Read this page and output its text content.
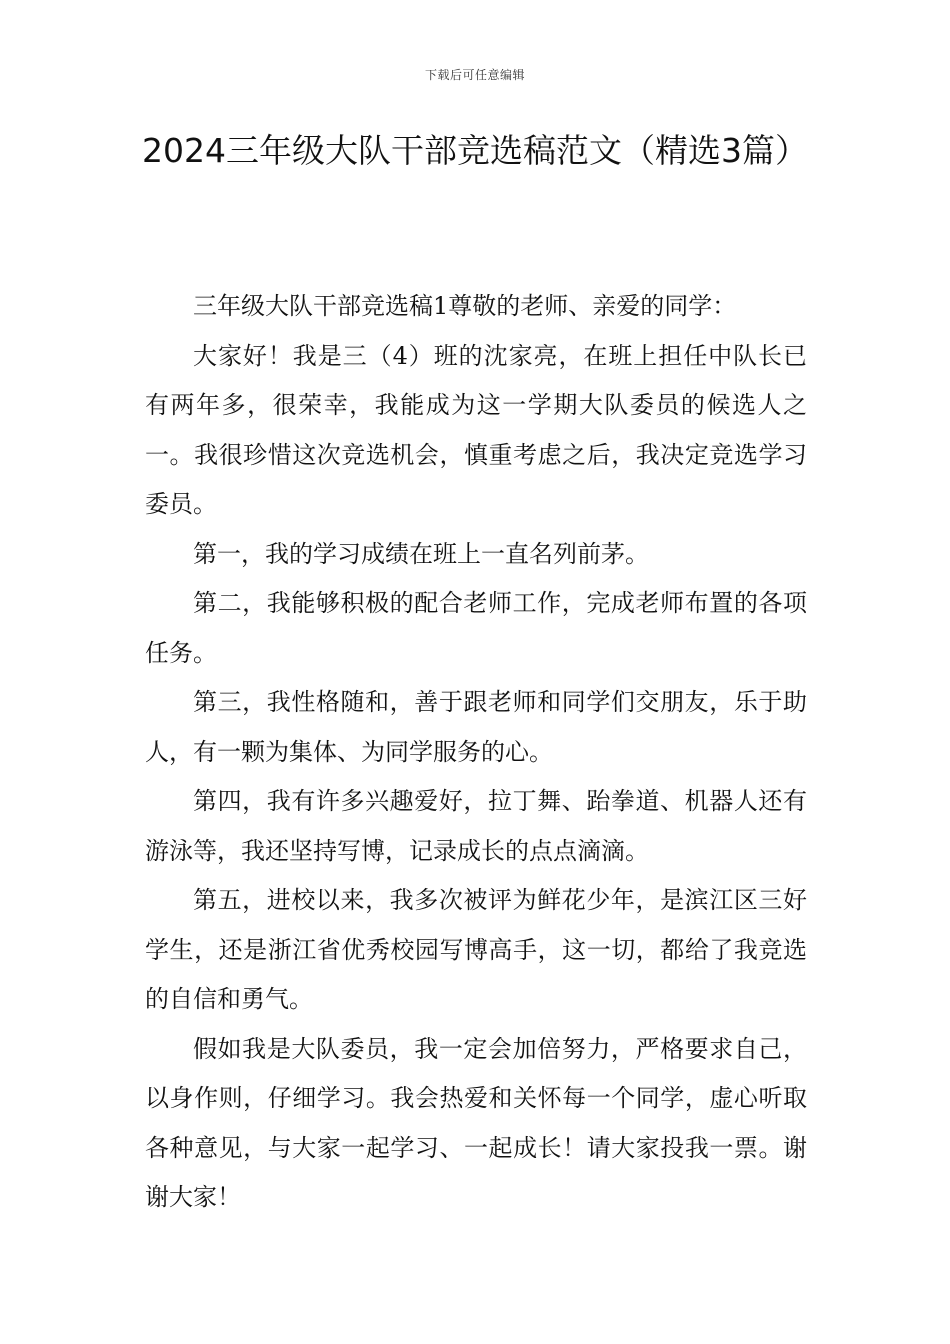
下载后可任意编辑
2024三年级大队干部竞选稿范文（精选3篇）

三年级大队干部竞选稿1尊敬的老师、亲爱的同学：

大家好！我是三（4）班的沈家亮，在班上担任中队长已有两年多，很荣幸，我能成为这一学期大队委员的候选人之一。我很珍惜这次竞选机会，慎重考虑之后，我决定竞选学习委员。

第一，我的学习成绩在班上一直名列前茅。

第二，我能够积极的配合老师工作，完成老师布置的各项任务。

第三，我性格随和，善于跟老师和同学们交朋友，乐于助人，有一颗为集体、为同学服务的心。

第四，我有许多兴趣爱好，拉丁舞、跆拳道、机器人还有游泳等，我还坚持写博，记录成长的点点滴滴。

第五，进校以来，我多次被评为鲜花少年，是滨江区三好学生，还是浙江省优秀校园写博高手，这一切，都给了我竞选的自信和勇气。

假如我是大队委员，我一定会加倍努力，严格要求自己，以身作则，仔细学习。我会热爱和关怀每一个同学，虚心听取各种意见，与大家一起学习、一起成长！请大家投我一票。谢谢大家！
